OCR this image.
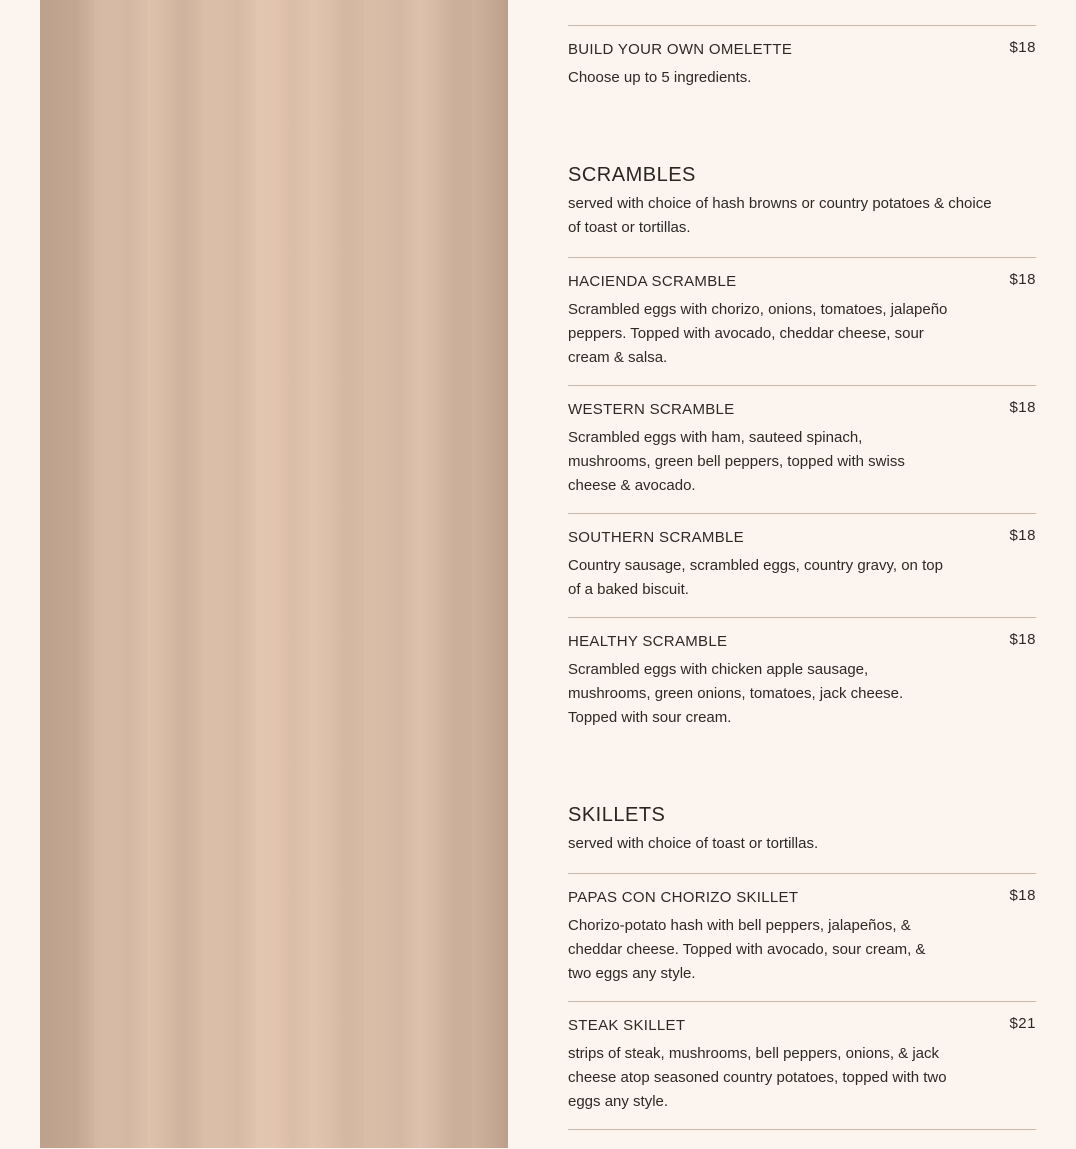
BUILD YOUR OWN OMELETTE	$18
Choose up to 5 ingredients.
SCRAMBLES
served with choice of hash browns or country potatoes & choice of toast or tortillas.
HACIENDA SCRAMBLE	$18
Scrambled eggs with chorizo, onions, tomatoes, jalapeño peppers. Topped with avocado, cheddar cheese, sour cream & salsa.
WESTERN SCRAMBLE	$18
Scrambled eggs with ham, sauteed spinach, mushrooms, green bell peppers, topped with swiss cheese & avocado.
SOUTHERN SCRAMBLE	$18
Country sausage, scrambled eggs, country gravy, on top of a baked biscuit.
HEALTHY SCRAMBLE	$18
Scrambled eggs with chicken apple sausage, mushrooms, green onions, tomatoes, jack cheese. Topped with sour cream.
SKILLETS
served with choice of toast or tortillas.
PAPAS CON CHORIZO SKILLET	$18
Chorizo-potato hash with bell peppers, jalapeños, & cheddar cheese. Topped with avocado, sour cream, & two eggs any style.
STEAK SKILLET	$21
strips of steak, mushrooms, bell peppers, onions, & jack cheese atop seasoned country potatoes, topped with two eggs any style.
